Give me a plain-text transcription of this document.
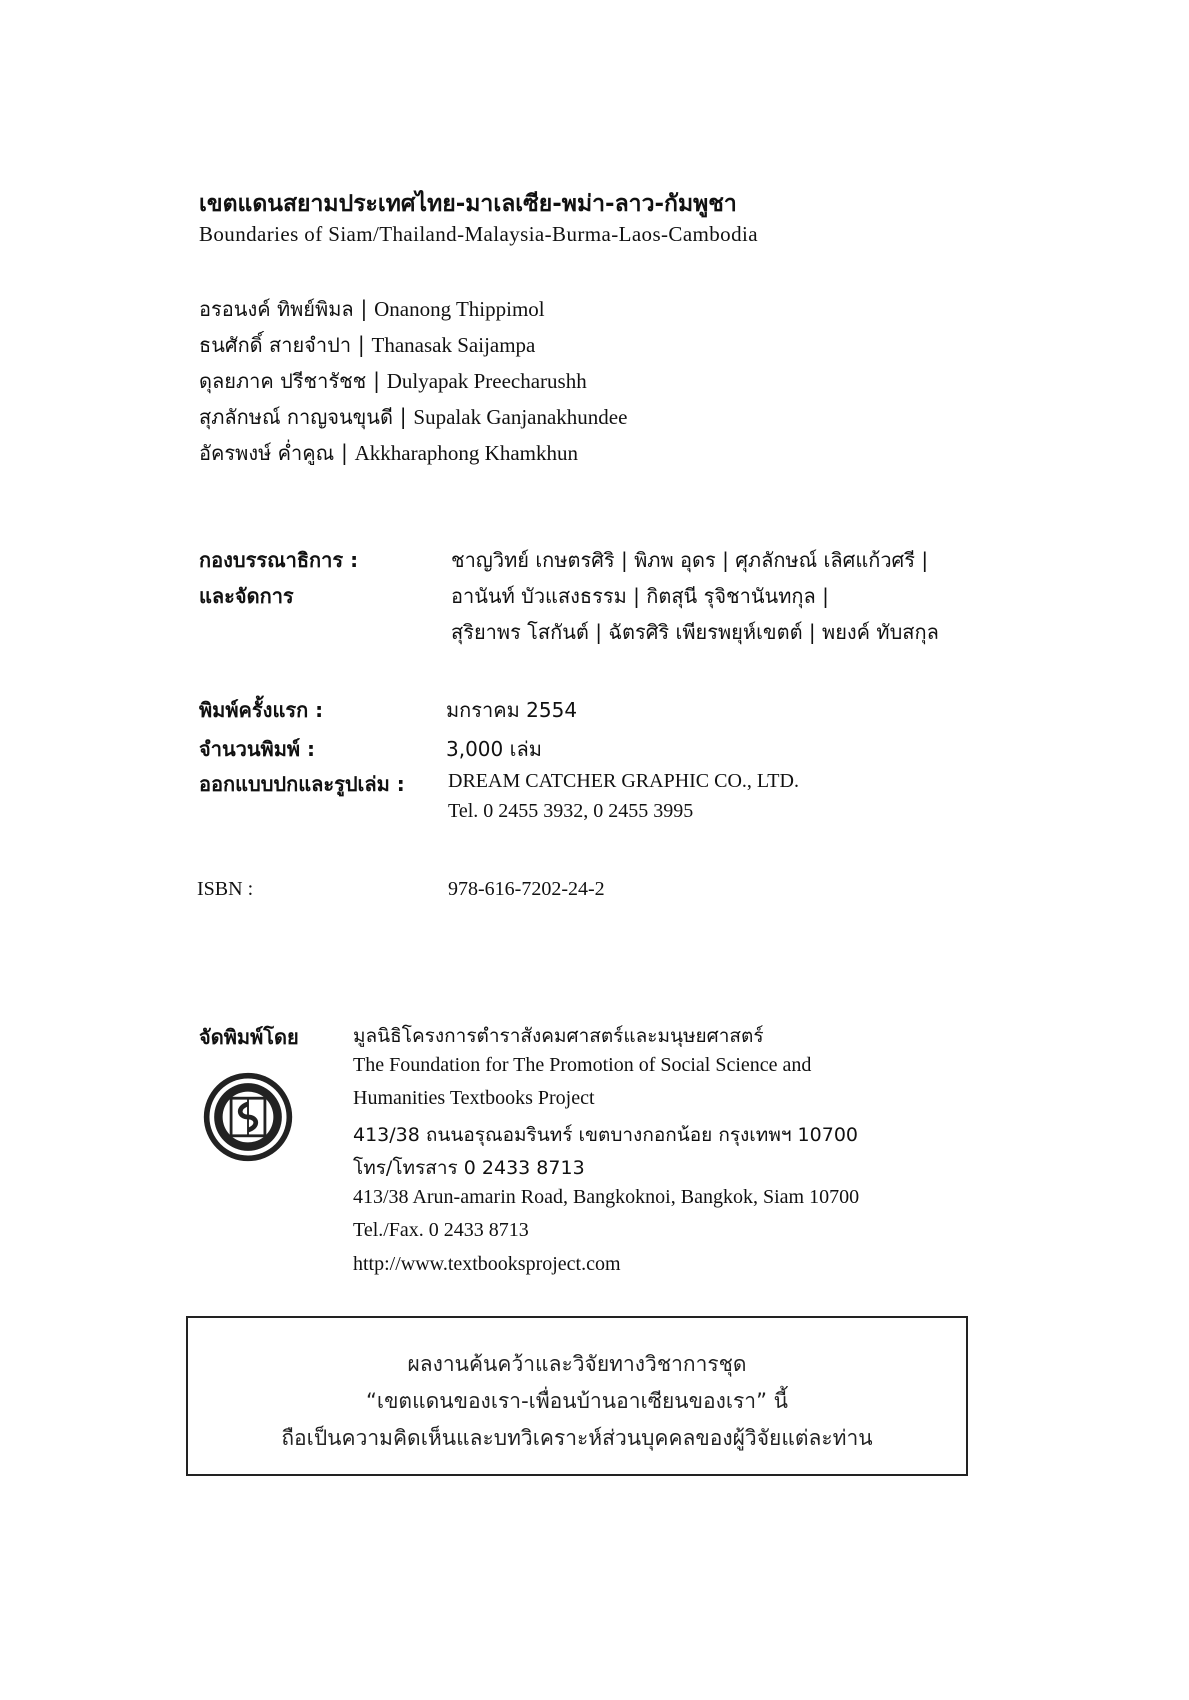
เขตแดนสยามประเทศไทย-มาเลเซีย-พม่า-ลาว-กัมพูชา
Boundaries of Siam/Thailand-Malaysia-Burma-Laos-Cambodia
อรอนงค์ ทิพย์พิมล | Onanong Thippimol
ธนศักดิ์ สายจำปา | Thanasak Saijampa
ดุลยภาค ปรีชารัชช | Dulyapak Preecharushh
สุภลักษณ์ กาญจนขุนดี | Supalak Ganjanakhundee
อัครพงษ์ ค่ำคูณ | Akkharaphong Khamkhun
กองบรรณาธิการ :
และจัดการ
ชาญวิทย์ เกษตรศิริ | พิภพ อุดร | ศุภลักษณ์ เลิศแก้วศรี |
อานันท์ บัวแสงธรรม | กิตสุนี รุจิชานันทกุล |
สุริยาพร โสกันต์ | ฉัตรศิริ เพียรพยุห์เขตต์ | พยงค์ ทับสกุล
พิมพ์ครั้งแรก :	มกราคม 2554
จำนวนพิมพ์ :	3,000 เล่ม
ออกแบบปกและรูปเล่ม : DREAM CATCHER GRAPHIC CO., LTD.
Tel. 0 2455 3932, 0 2455 3995
ISBN :	978-616-7202-24-2
จัดพิมพ์โดย	มูลนิธิโครงการตำราสังคมศาสตร์และมนุษยศาสตร์
The Foundation for The Promotion of Social Science and
Humanities Textbooks Project
413/38 ถนนอรุณอมรินทร์ เขตบางกอกน้อย กรุงเทพฯ 10700
โทร/โทรสาร 0 2433 8713
413/38 Arun-amarin Road, Bangkoknoi, Bangkok, Siam 10700
Tel./Fax. 0 2433 8713
http://www.textbooksproject.com
ผลงานค้นคว้าและวิจัยทางวิชาการชุด
“เขตแดนของเรา-เพื่อนบ้านอาเซียนของเรา” นี้
ถือเป็นความคิดเห็นและบทวิเคราะห์ส่วนบุคคลของผู้วิจัยแต่ละท่าน
